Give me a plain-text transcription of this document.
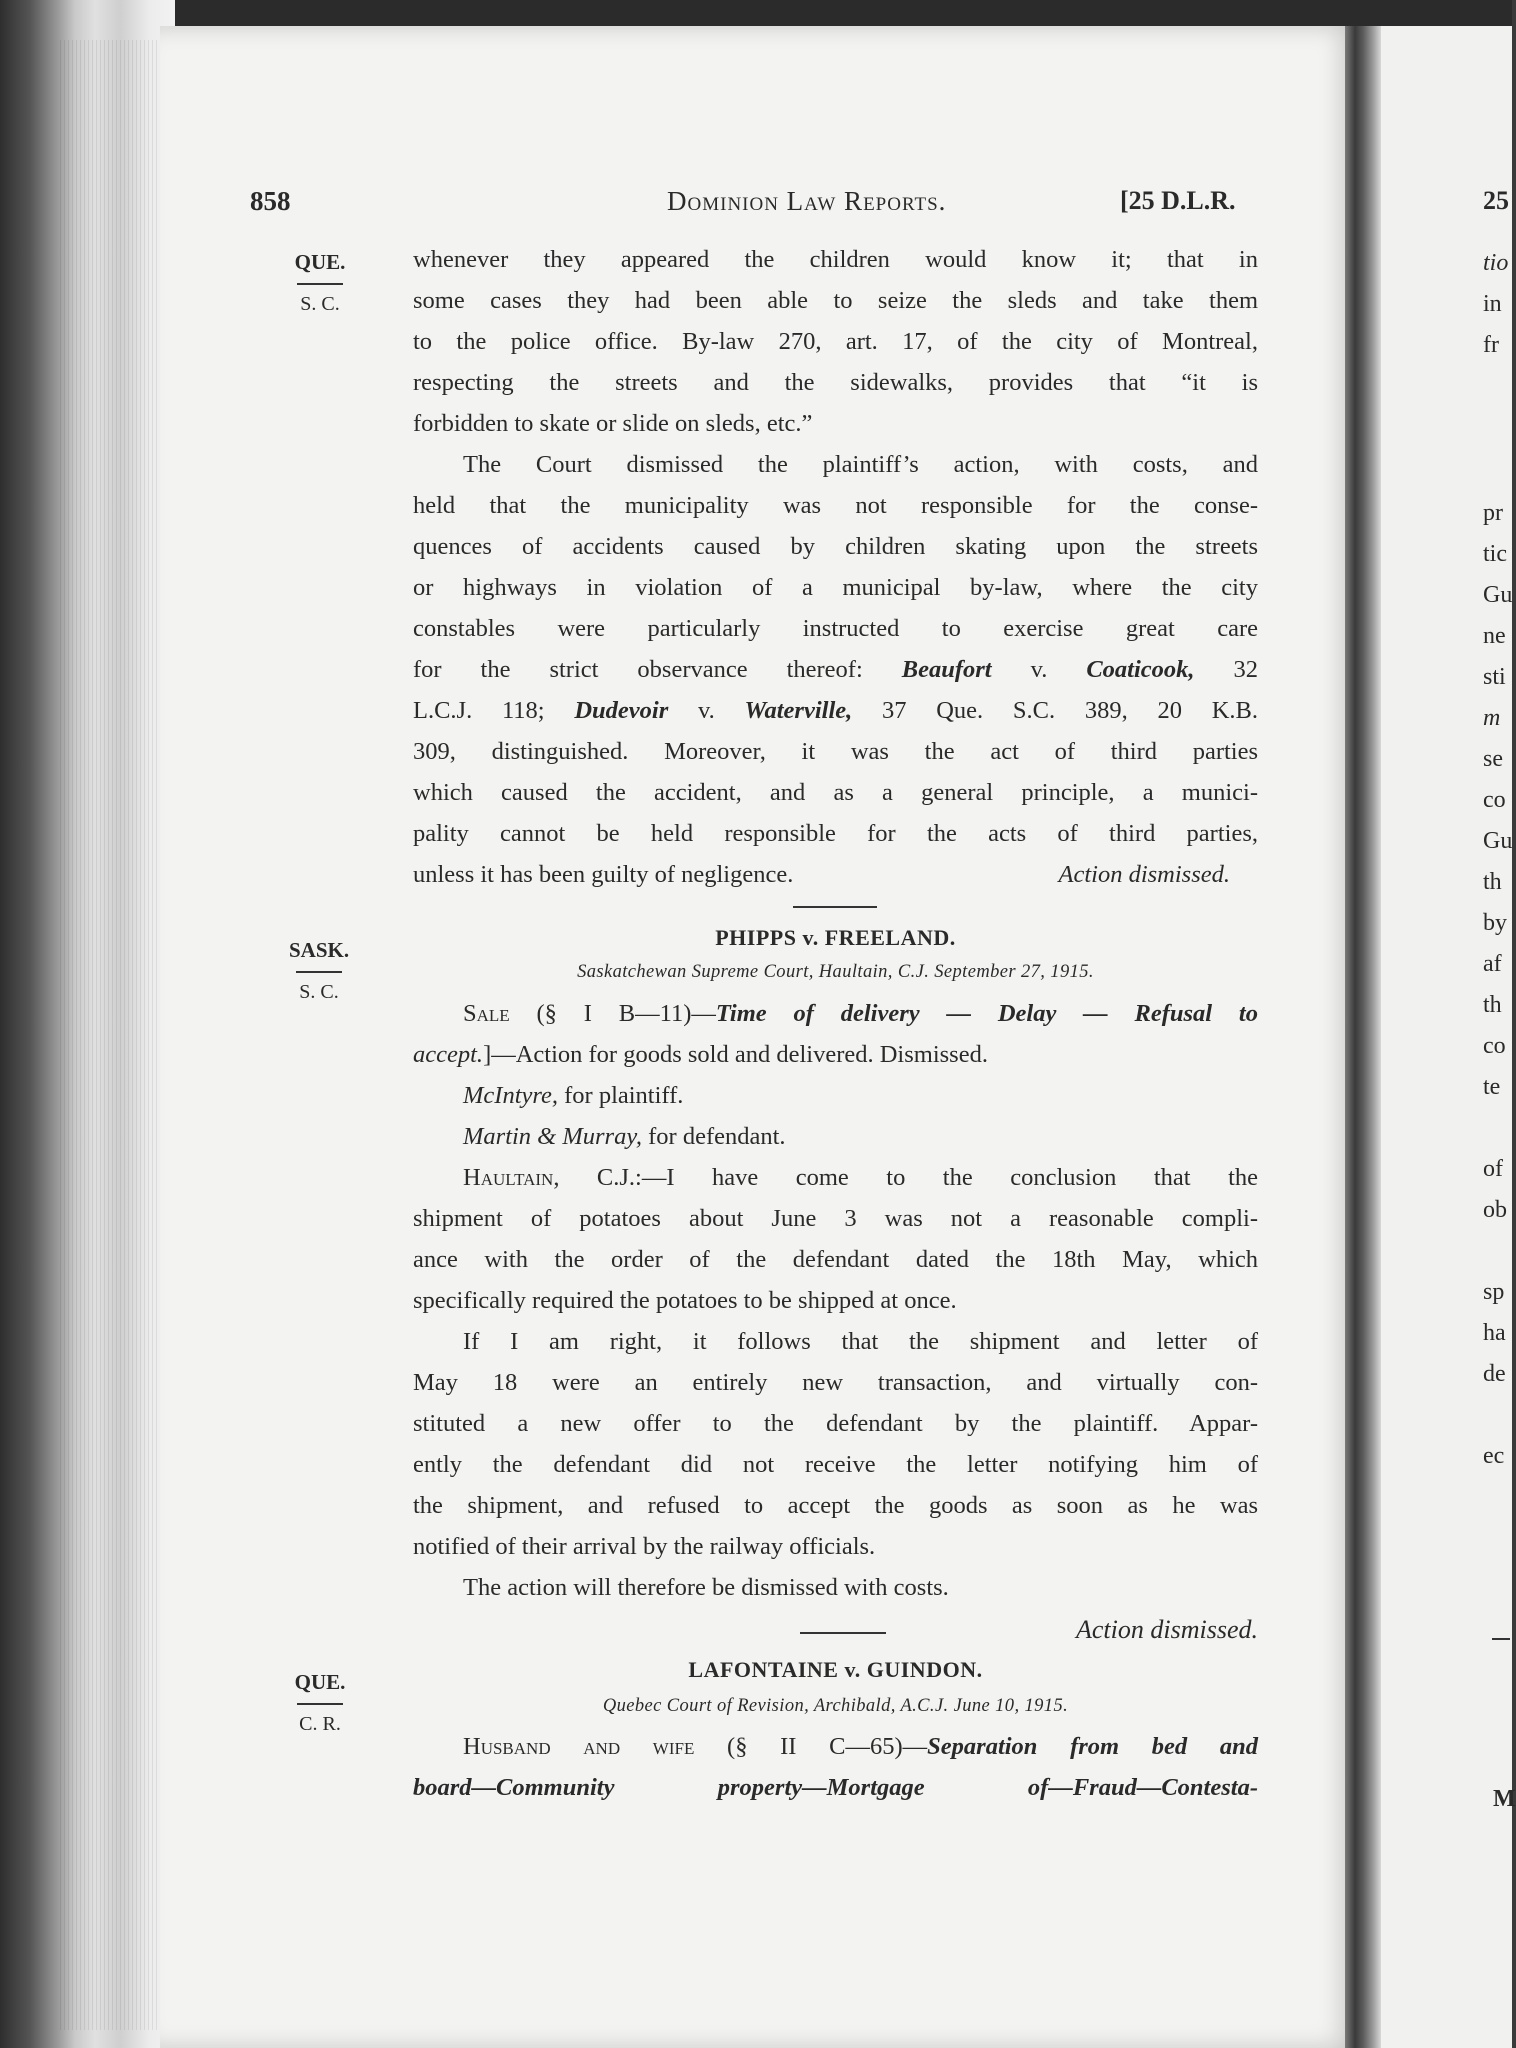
858	Dominion Law Reports.	[25 D.L.R.
QUE.
S. C.
SASK.
S. C.
QUE.
C. R.
whenever they appeared the children would know it; that in
some cases they had been able to seize the sleds and take them
to the police office. By-law 270, art. 17, of the city of Montreal,
respecting the streets and the sidewalks, provides that “it is
forbidden to skate or slide on sleds, etc.”
The Court dismissed the plaintiff’s action, with costs, and
held that the municipality was not responsible for the conse-
quences of accidents caused by children skating upon the streets
or highways in violation of a municipal by-law, where the city
constables were particularly instructed to exercise great care
for the strict observance thereof: Beaufort v. Coaticook, 32
L.C.J. 118; Dudevoir v. Waterville, 37 Que. S.C. 389, 20 K.B.
309, distinguished. Moreover, it was the act of third parties
which caused the accident, and as a general principle, a munici-
pality cannot be held responsible for the acts of third parties,
unless it has been guilty of negligence.	Action dismissed.
PHIPPS v. FREELAND.
Saskatchewan Supreme Court, Haultain, C.J. September 27, 1915.
Sale (§ I B—11)—Time of delivery — Delay — Refusal to
accept.]—Action for goods sold and delivered. Dismissed.
McIntyre, for plaintiff.
Martin & Murray, for defendant.
Haultain, C.J.:—I have come to the conclusion that the
shipment of potatoes about June 3 was not a reasonable compli-
ance with the order of the defendant dated the 18th May, which
specifically required the potatoes to be shipped at once.
If I am right, it follows that the shipment and letter of
May 18 were an entirely new transaction, and virtually con-
stituted a new offer to the defendant by the plaintiff. Appar-
ently the defendant did not receive the letter notifying him of
the shipment, and refused to accept the goods as soon as he was
notified of their arrival by the railway officials.
The action will therefore be dismissed with costs.
Action dismissed.
LAFONTAINE v. GUINDON.
Quebec Court of Revision, Archibald, A.C.J. June 10, 1915.
Husband and wife (§ II C—65)—Separation from bed and
board—Community property—Mortgage of—Fraud—Contesta-
25
tio
in
fr
pr
tic
Gu
ne
sti
m
se
co
Gu
th
by
af
th
co
te
of
ob
sp
ha
de
ec
M
